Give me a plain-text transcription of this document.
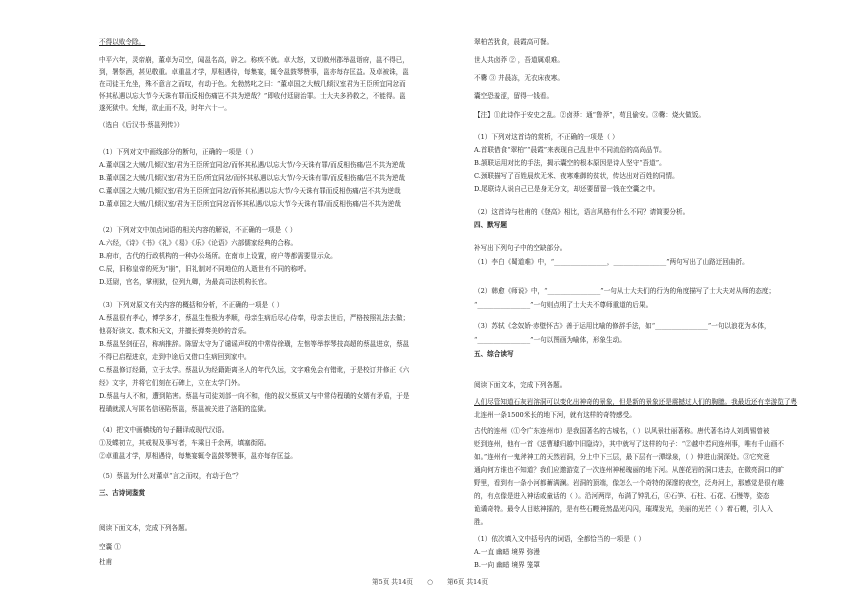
不得以败令除。

中平六年，灵帝崩，董卓为司空，闻邕名高，辟之。称疾不就。卓大怒，又切敕州郡举邕诣府，邕不得已，

到，署祭酒，甚见敬重。卓重邕才学，厚相遇待，每集宴，辄令邕鼓琴赞事，邕亦每存匡益。及卓被诛，邕

在司徒王允坐，殊不意言之而叹，有动于色。允勃然叱之曰：“董卓国之大贼几倾汉室君为王臣所宜同忿而

怀其私遇以忘大节今天诛有罪而反相伤痛岂不共为逆哉？”即收付廷尉治罪。士大夫多矜救之，不能得。邕

遂死狱中。允悔，欲止而不及，时年六十一。

（选自《后汉书·蔡邕列传》）

（1）下列对文中画线部分的断句，正确的一项是（ ）

A.董卓国之大贼/几倾汉室/君为王臣所宜同忿/而怀其私遇/以忘大节/今天诛有罪/而反相伤痛/岂不共为逆哉

B.董卓国之大贼/几倾汉室/君为王臣/所宜同忿/而怀其私遇以忘大节/今天诛有罪/而反相伤痛/岂不共为逆哉

C.董卓国之大贼/几倾汉室/君为王臣所宜同忿/而怀其私遇以忘大节/今天诛有罪而反相伤痛/岂不共为逆哉

D.董卓国之大贼/几倾汉室/君为王臣所宜同忿而怀其私遇/以忘大节今天诛有罪/而反相伤痛/岂不共为逆哉

（2）下列对文中加点词语的相关内容的解说，不正确的一项是（ ）

A.六经，《诗》《书》《礼》《易》《乐》《论语》六部儒家经典的合称。

B.府市，古代的行政机构的一种办公场所。在南市上设置，府户等都需要显示众。

C.辰，旧称皇帝的死为“崩”，旧礼制对不同地位的人逝世有不同的称呼。

D.廷尉，官名，掌刑狱，位列九卿，为最高司法机构长官。

（3）下列对原文有关内容的概括和分析，不正确的一项是（ ）

A.蔡邕很有孝心，博学多才，蔡邕生性极为孝顺，母亲生病后尽心侍奉，母亲去世后，严格按照礼法去做；

他喜好读文、数术和天文，并擅长弹奏美妙的音乐。

B.蔡邕坚剑征召，称病推辞。陈留太守为了谴谣声权的中常侍徐璜，左悺等举荐琴技高超的蔡邕进京，蔡邕

不得已启程进京，走到中途后又借口生病回到家中。

C.蔡邕修订经籍，立于太学。蔡邕认为经籍距离圣人的年代久远，文字难免会有错讹，于是校订并修正《六

经》文字，并将它们刻在石碑上，立在太学门外。

D.蔡邕与人不和，遭到陷害。蔡邕与司徒刘郃一向不和，他的叔父蔡质又与中常侍程璜的女婿有矛盾，于是

程璜就派人写匿名信诬陷蔡邕，蔡邕被关进了洛阳的监狱。

（4）把文中画横线的句子翻译成现代汉语。

①及蝶初立，其戒视及事写者，车乘日千余两，填塞街陌。

②卓重邕才学，厚相遇待，每集宴辄令邕鼓琴赞事，邕亦每存匡益。

（5）蔡邕为什么对董卓“言之而叹，有动于色”？

三、古诗词鉴赏

阅读下面文本，完成下列各题。

空囊 ①

杜甫

翠柏苦犹食，晨霞高可餐。

世人共卤莽 ② ，吾道属艰难。

不爨 ③ 井晨冻，无衣床夜寒。

囊空恐羞涩，留得一钱看。

【注】①此诗作于安史之乱。②卤莽：通“鲁莽”，苟且偷安。③爨：烧火做饭。

（1）下列对这首诗的赏析，不正确的一项是（ ）

A.首联借食“翠柏”“晨霞”来表现自己乱世中不同流俗的高尚品节。

B.颔联运用对比的手法，揭示囊空的根本原因是诗人坚守“吾道”。

C.颈联描写了百姓晨炊无米、夜寒难御的贫状，传达出对百姓的同情。

D.尾联诗人说自己已是身无分文，却还要留留一钱在空囊之中。

（2）这首诗与杜甫的《登高》相比，语言风格有什么不同？请简要分析。

四、默写题

补写出下列句子中的空缺部分。

（1）李白《蜀道难》中，“________________，________________”两句写出了山路迂回曲折。

（2）韩愈《师说》中，“________________”一句从士大夫们的行为的角度描写了士大夫对从师的态度；

“________________”一句则点明了士大夫不尊师重道的后果。

（3）苏轼《念奴娇·赤壁怀古》善于运用比喻的修辞手法，如“________________”一句以浪花为本体，

“________________”一句以图画为喻体，形象生动。

五、综合读写

阅读下面文本，完成下列各题。

人们尽管知道石灰岩溶洞可以变化出神奇的景象，但是新的景象还是震撼过人们的胸臆。我最近还有幸游览了粤

北连州一条1500米长的地下河，就有这样的奇特感受。

古代的连州（①令广东连州市）是我国著名的古城名，（ ）以风景壮丽著称。唐代著名诗人刘禹锡曾被

贬到连州，他有一首《送曹璩归越中旧隐诗》，其中就写了这样的句子：“②越中若问连州事，唯有千山画不

如。”连州有一鬼斧神工的天然岩洞，分上中下三层，最下层有一潭绿泉，（ ）伸进山洞深处。③它究竟

通向何方谁也不知道？我们应邀游览了一次连州神秘瑰丽的地下河。从莲花岩的洞口进去，在微亮洞口的旷

野里，看到有一条小河都蓄满澜。岩洞的顶端，像怎么一个奇特的深邃的夜空，泛舟河上，那感觉是很有趣

的，有点像是进入神话或童话的（ ）。沿河两岸，布满了钟乳石，④石笋、石柱、石花、石慢等，姿态

诡谲奇特。最令人目眩神摇的，是有些石幔竟然晶光闪闪，璀璨发光，美丽的光芒（ ）着石幔，引人入

胜。

（1）依次填入文中括号内的词语，全都恰当的一项是（ ）

A.一直 幽暗 境界 弥漫

B.一向 幽暗 境界 笼罩

第5页 共14页 ○ 第6页 共14页
